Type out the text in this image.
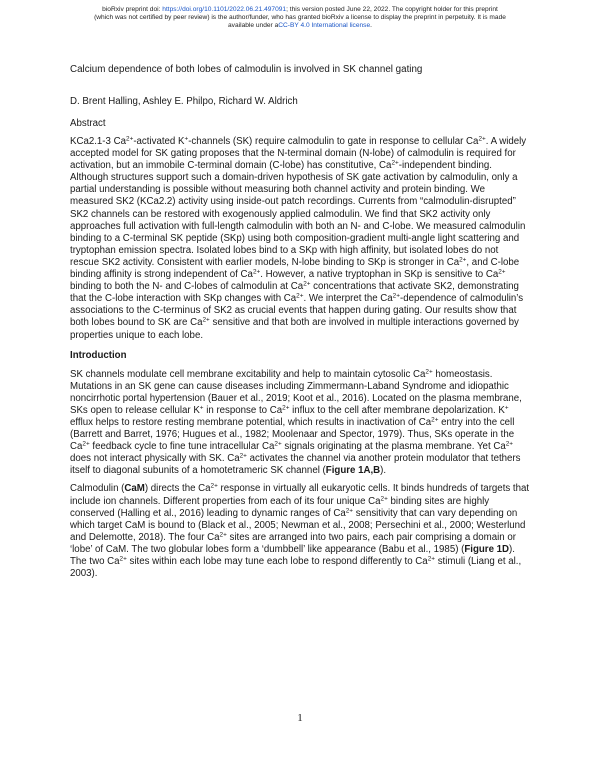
bioRxiv preprint doi: https://doi.org/10.1101/2022.06.21.497091; this version posted June 22, 2022. The copyright holder for this preprint
(which was not certified by peer review) is the author/funder, who has granted bioRxiv a license to display the preprint in perpetuity. It is made
available under aCC-BY 4.0 International license.
Calcium dependence of both lobes of calmodulin is involved in SK channel gating
D. Brent Halling, Ashley E. Philpo, Richard W. Aldrich
Abstract
KCa2.1-3 $Ca^{2+}$-activated K+-channels (SK) require calmodulin to gate in response to cellular $Ca^{2+}$. A widely accepted model for SK gating proposes that the N-terminal domain (N-lobe) of calmodulin is required for activation, but an immobile C-terminal domain (C-lobe) has constitutive, $Ca^{2+}$-independent binding. Although structures support such a domain-driven hypothesis of SK gate activation by calmodulin, only a partial understanding is possible without measuring both channel activity and protein binding. We measured SK2 (KCa2.2) activity using inside-out patch recordings. Currents from “calmodulin-disrupted” SK2 channels can be restored with exogenously applied calmodulin. We find that SK2 activity only approaches full activation with full-length calmodulin with both an N- and C-lobe. We measured calmodulin binding to a C-terminal SK peptide (SKp) using both composition-gradient multi-angle light scattering and tryptophan emission spectra. Isolated lobes bind to a SKp with high affinity, but isolated lobes do not rescue SK2 activity. Consistent with earlier models, N-lobe binding to SKp is stronger in $Ca^{2+}$, and C-lobe binding affinity is strong independent of $Ca^{2+}$. However, a native tryptophan in SKp is sensitive to $Ca^{2+}$ binding to both the N- and C-lobes of calmodulin at $Ca^{2+}$ concentrations that activate SK2, demonstrating that the C-lobe interaction with SKp changes with $Ca^{2+}$. We interpret the $Ca^{2+}$-dependence of calmodulin’s associations to the C-terminus of SK2 as crucial events that happen during gating. Our results show that both lobes bound to SK are $Ca^{2+}$ sensitive and that both are involved in multiple interactions governed by properties unique to each lobe.
Introduction
SK channels modulate cell membrane excitability and help to maintain cytosolic $Ca^{2+}$ homeostasis. Mutations in an SK gene can cause diseases including Zimmermann-Laband Syndrome and idiopathic noncirrhotic portal hypertension (Bauer et al., 2019; Koot et al., 2016). Located on the plasma membrane, SKs open to release cellular K+ in response to $Ca^{2+}$ influx to the cell after membrane depolarization. K+ efflux helps to restore resting membrane potential, which results in inactivation of $Ca^{2+}$ entry into the cell (Barrett and Barret, 1976; Hugues et al., 1982; Moolenaar and Spector, 1979). Thus, SKs operate in the $Ca^{2+}$ feedback cycle to fine tune intracellular $Ca^{2+}$ signals originating at the plasma membrane. Yet $Ca^{2+}$ does not interact physically with SK. $Ca^{2+}$ activates the channel via another protein modulator that tethers itself to diagonal subunits of a homotetrameric SK channel (Figure 1A,B).
Calmodulin (CaM) directs the $Ca^{2+}$ response in virtually all eukaryotic cells. It binds hundreds of targets that include ion channels. Different properties from each of its four unique $Ca^{2+}$ binding sites are highly conserved (Halling et al., 2016) leading to dynamic ranges of $Ca^{2+}$ sensitivity that can vary depending on which target CaM is bound to (Black et al., 2005; Newman et al., 2008; Persechini et al., 2000; Westerlund and Delemotte, 2018). The four $Ca^{2+}$ sites are arranged into two pairs, each pair comprising a domain or ‘lobe’ of CaM. The two globular lobes form a ‘dumbbell’ like appearance (Babu et al., 1985) (Figure 1D). The two $Ca^{2+}$ sites within each lobe may tune each lobe to respond differently to $Ca^{2+}$ stimuli (Liang et al., 2003).
1
